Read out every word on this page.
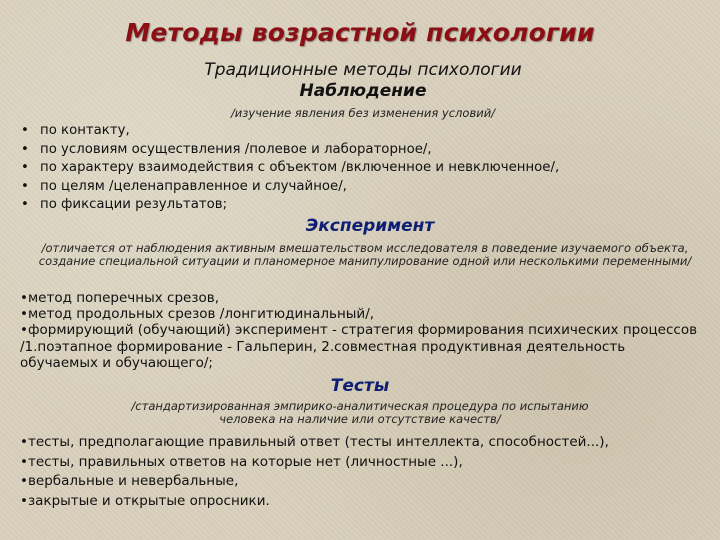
Методы возрастной психологии
Традиционные методы психологии
Наблюдение
/изучение явления без изменения условий/
• по контакту,
• по условиям осуществления /полевое и лабораторное/,
• по характеру взаимодействия с объектом /включенное и невключенное/,
• по целям /целенаправленное и случайное/,
• по фиксации результатов;
Эксперимент
/отличается от наблюдения активным вмешательством исследователя в поведение изучаемого объекта, создание специальной ситуации и планомерное манипулирование одной или несколькими переменными/
• метод поперечных срезов,
• метод продольных срезов /лонгитюдинальный/,
• формирующий (обучающий) эксперимент - стратегия формирования психических процессов /1.поэтапное формирование - Гальперин, 2.совместная продуктивная деятельность обучаемых и обучающего/;
Тесты
/стандартизированная эмпирико-аналитическая процедура по испытанию человека на наличие или отсутствие качеств/
• тесты, предполагающие правильный ответ (тесты интеллекта, способностей...),
• тесты, правильных ответов на которые нет (личностные ...),
• вербальные и невербальные,
• закрытые и открытые опросники.
